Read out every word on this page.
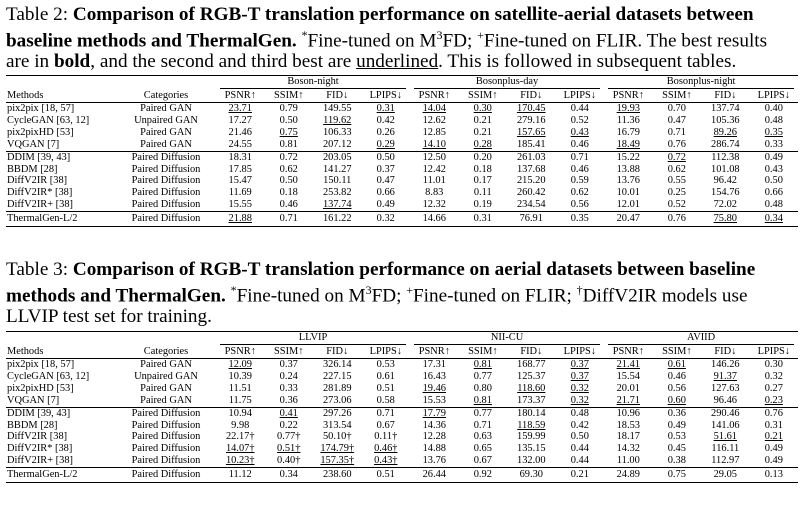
Table 2: Comparison of RGB-T translation performance on satellite-aerial datasets between
baseline methods and ThermalGen. *Fine-tuned on $M^3FD$; +Fine-tuned on FLIR. The best results
are in bold, and the second and third best are underlined. This is followed in subsequent tables.

		Boson-night				Bosonplus-day				Bosonplus-night			

Methods	Categories	PSNR↑	SSIM↑	FID↓	LPIPS↓	PSNR↑	SSIM↑	FID↓	LPIPS↓	PSNR↑	SSIM↑	FID↓	LPIPS↓
pix2pix [18, 57]	Paired GAN	23.71	0.79	149.55	0.31	14.04	0.30	170.45	0.44	19.93	0.70	137.74	0.40
CycleGAN [63, 12]	Unpaired GAN	17.27	0.50	119.62	0.42	12.62	0.21	279.16	0.52	11.36	0.47	105.36	0.48
pix2pixHD [53]	Paired GAN	21.46	0.75	106.33	0.26	12.85	0.21	157.65	0.43	16.79	0.71	89.26	0.35
VQGAN [7]	Paired GAN	24.55	0.81	207.12	0.29	14.10	0.28	185.41	0.46	18.49	0.76	286.74	0.33
DDIM [39, 43]	Paired Diffusion	18.31	0.72	203.05	0.50	12.50	0.20	261.03	0.71	15.22	0.72	112.38	0.49
BBDM [28]	Paired Diffusion	17.85	0.62	141.27	0.37	12.42	0.18	137.68	0.46	13.88	0.62	101.08	0.43
DiffV2IR [38]	Paired Diffusion	15.47	0.50	150.11	0.47	11.01	0.17	215.20	0.59	13.76	0.55	96.42	0.50
DiffV2IR* [38]	Paired Diffusion	11.69	0.18	253.82	0.66	8.83	0.11	260.42	0.62	10.01	0.25	154.76	0.66
DiffV2IR+ [38]	Paired Diffusion	15.55	0.46	137.74	0.49	12.32	0.19	234.54	0.56	12.01	0.52	72.02	0.48
ThermalGen-L/2	Paired Diffusion	21.88	0.71	161.22	0.32	14.66	0.31	76.91	0.35	20.47	0.76	75.80	0.34
Table 3: Comparison of RGB-T translation performance on aerial datasets between baseline
methods and ThermalGen. *Fine-tuned on $M^3FD$; +Fine-tuned on FLIR; †DiffV2IR models use
LLVIP test set for training.

		LLVIP				NII-CU				AVIID			

Methods	Categories	PSNR↑	SSIM↑	FID↓	LPIPS↓	PSNR↑	SSIM↑	FID↓	LPIPS↓	PSNR↑	SSIM↑	FID↓	LPIPS↓
pix2pix [18, 57]	Paired GAN	12.09	0.37	326.14	0.53	17.31	0.81	168.77	0.37	21.41	0.61	146.26	0.30
CycleGAN [63, 12]	Unpaired GAN	10.39	0.24	227.15	0.61	16.43	0.77	125.37	0.37	15.54	0.46	91.37	0.32
pix2pixHD [53]	Paired GAN	11.51	0.33	281.89	0.51	19.46	0.80	118.60	0.32	20.01	0.56	127.63	0.27
VQGAN [7]	Paired GAN	11.75	0.36	273.06	0.58	15.53	0.81	173.37	0.32	21.71	0.60	96.46	0.23
DDIM [39, 43]	Paired Diffusion	10.94	0.41	297.26	0.71	17.79	0.77	180.14	0.48	10.96	0.36	290.46	0.76
BBDM [28]	Paired Diffusion	9.98	0.22	313.54	0.67	14.36	0.71	118.59	0.42	18.53	0.49	141.06	0.31
DiffV2IR [38]	Paired Diffusion	22.17†	0.77†	50.10†	0.11†	12.28	0.63	159.99	0.50	18.17	0.53	51.61	0.21
DiffV2IR* [38]	Paired Diffusion	14.07†	0.51†	174.79†	0.46†	14.88	0.65	135.15	0.44	14.32	0.45	116.11	0.49
DiffV2IR+ [38]	Paired Diffusion	10.23†	0.40†	157.35†	0.43†	13.76	0.67	132.00	0.44	11.00	0.38	112.97	0.49
ThermalGen-L/2	Paired Diffusion	11.12	0.34	238.60	0.51	26.44	0.92	69.30	0.21	24.89	0.75	29.05	0.13
